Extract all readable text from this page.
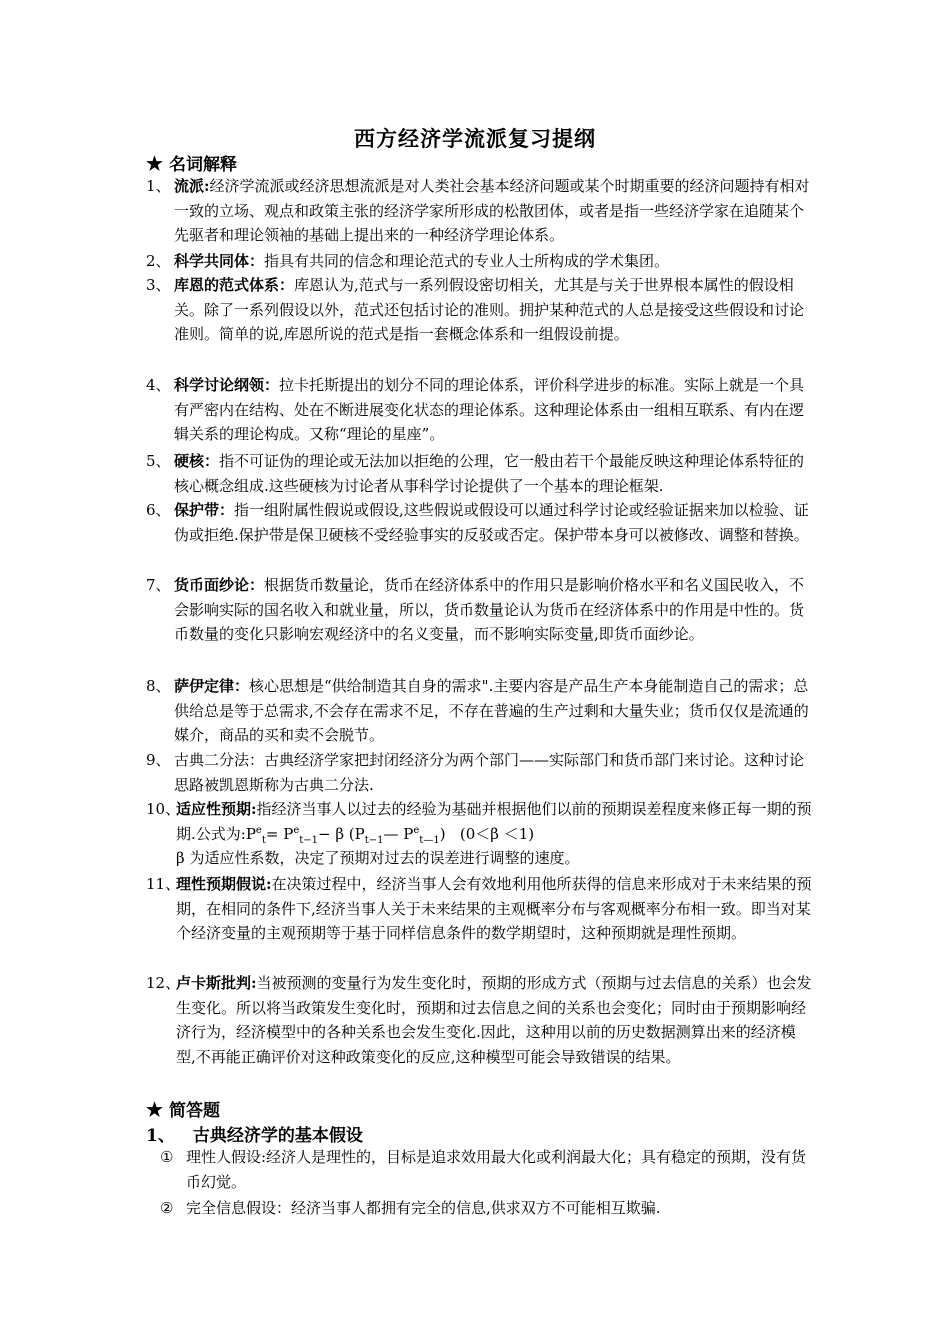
西方经济学流派复习提纲
★ 名词解释
1、 流派:经济学流派或经济思想流派是对人类社会基本经济问题或某个时期重要的经济问题持有相对一致的立场、观点和政策主张的经济学家所形成的松散团体，或者是指一些经济学家在追随某个先驱者和理论领袖的基础上提出来的一种经济学理论体系。
2、 科学共同体：指具有共同的信念和理论范式的专业人士所构成的学术集团。
3、 库恩的范式体系：库恩认为,范式与一系列假设密切相关，尤其是与关于世界根本属性的假设相关。除了一系列假设以外，范式还包括讨论的准则。拥护某种范式的人总是接受这些假设和讨论准则。简单的说,库恩所说的范式是指一套概念体系和一组假设前提。
4、 科学讨论纲领：拉卡托斯提出的划分不同的理论体系，评价科学进步的标准。实际上就是一个具有严密内在结构、处在不断进展变化状态的理论体系。这种理论体系由一组相互联系、有内在逻辑关系的理论构成。又称“理论的星座”。
5、 硬核：指不可证伪的理论或无法加以拒绝的公理，它一般由若干个最能反映这种理论体系特征的核心概念组成.这些硬核为讨论者从事科学讨论提供了一个基本的理论框架.
6、 保护带：指一组附属性假说或假设,这些假说或假设可以通过科学讨论或经验证据来加以检验、证伪或拒绝.保护带是保卫硬核不受经验事实的反驳或否定。保护带本身可以被修改、调整和替换。
7、 货币面纱论：根据货币数量论，货币在经济体系中的作用只是影响价格水平和名义国民收入，不会影响实际的国名收入和就业量，所以，货币数量论认为货币在经济体系中的作用是中性的。货币数量的变化只影响宏观经济中的名义变量，而不影响实际变量,即货币面纱论。
8、 萨伊定律：核心思想是“供给制造其自身的需求".主要内容是产品生产本身能制造自己的需求；总供给总是等于总需求,不会存在需求不足，不存在普遍的生产过剩和大量失业；货币仅仅是流通的媒介，商品的买和卖不会脱节。
9、 古典二分法：古典经济学家把封闭经济分为两个部门——实际部门和货币部门来讨论。这种讨论思路被凯恩斯称为古典二分法.
10、
适应性预期:指经济当事人以过去的经验为基础并根据他们以前的预期误差程度来修正每一期的预期.公式为$:P^e_t= P^e_{t-1}- \beta$ ($P_{t-1}—$ $P^e_{t—1}$) (0＜β ＜1)
β 为适应性系数，决定了预期对过去的误差进行调整的速度。
11、
理性预期假说:在决策过程中，经济当事人会有效地利用他所获得的信息来形成对于未来结果的预期，在相同的条件下,经济当事人关于未来结果的主观概率分布与客观概率分布相一致。即当对某个经济变量的主观预期等于基于同样信息条件的数学期望时，这种预期就是理性预期。
12、
卢卡斯批判:当被预测的变量行为发生变化时，预期的形成方式（预期与过去信息的关系）也会发生变化。所以将当政策发生变化时，预期和过去信息之间的关系也会变化；同时由于预期影响经济行为，经济模型中的各种关系也会发生变化.因此，这种用以前的历史数据测算出来的经济模型,不再能正确评价对这种政策变化的反应,这种模型可能会导致错误的结果。
★ 简答题
1、 古典经济学的基本假设
① 理性人假设:经济人是理性的，目标是追求效用最大化或利润最大化；具有稳定的预期，没有货币幻觉。
② 完全信息假设：经济当事人都拥有完全的信息,供求双方不可能相互欺骗.
